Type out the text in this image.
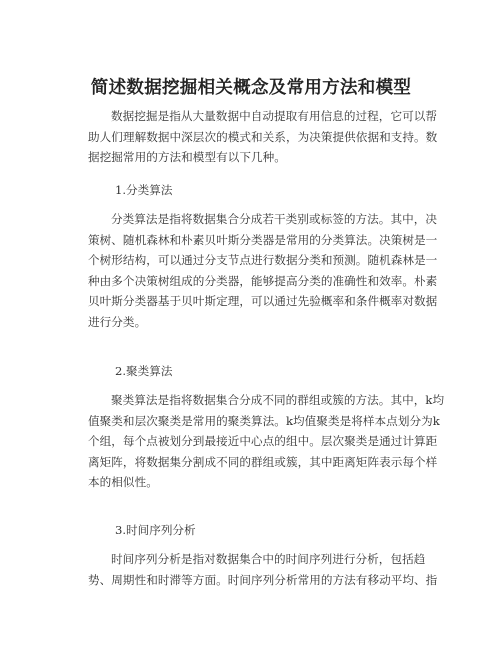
简述数据挖掘相关概念及常用方法和模型

数据挖掘是指从大量数据中自动提取有用信息的过程，它可以帮
助人们理解数据中深层次的模式和关系，为决策提供依据和支持。数
据挖掘常用的方法和模型有以下几种。

1.分类算法

分类算法是指将数据集合分成若干类别或标签的方法。其中，决
策树、随机森林和朴素贝叶斯分类器是常用的分类算法。决策树是一
个树形结构，可以通过分支节点进行数据分类和预测。随机森林是一
种由多个决策树组成的分类器，能够提高分类的准确性和效率。朴素
贝叶斯分类器基于贝叶斯定理，可以通过先验概率和条件概率对数据
进行分类。

2.聚类算法

聚类算法是指将数据集合分成不同的群组或簇的方法。其中，k均
值聚类和层次聚类是常用的聚类算法。k均值聚类是将样本点划分为k
个组，每个点被划分到最接近中心点的组中。层次聚类是通过计算距
离矩阵，将数据集分割成不同的群组或簇，其中距离矩阵表示每个样
本的相似性。

3.时间序列分析

时间序列分析是指对数据集合中的时间序列进行分析，包括趋
势、周期性和时滞等方面。时间序列分析常用的方法有移动平均、指
